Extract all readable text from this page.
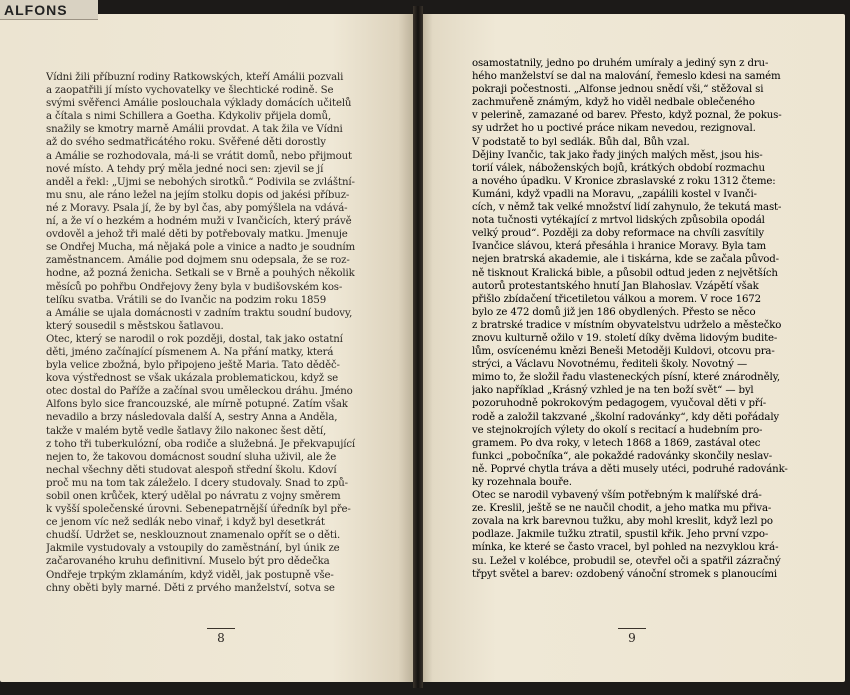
Vídni žili příbuzní rodiny Ratkowských, kteří Amálii pozvali
a zaopatřili jí místo vychovatelky ve šlechtické rodině. Se
svými svěřenci Amálie poslouchala výklady domácích učitelů
a čítala s nimi Schillera a Goetha. Kdykoliv přijela domů,
snažily se kmotry marně Amálii provdat. A tak žila ve Vídni
až do svého sedmatřicátého roku. Svěřené děti dorostly
a Amálie se rozhodovala, má-li se vrátit domů, nebo přijmout
nové místo. A tehdy prý měla jedné noci sen: zjevil se jí
anděl a řekl: „Ujmi se nebohých sirotků.“ Podivila se zvláštní-
mu snu, ale ráno ležel na jejím stolku dopis od jakési příbuz-
né z Moravy. Psala jí, že by byl čas, aby pomýšlela na vdává-
ní, a že ví o hezkém a hodném muži v Ivančicích, který právě
ovdověl a jehož tři malé děti by potřebovaly matku. Jmenuje
se Ondřej Mucha, má nějaká pole a vinice a nadto je soudním
zaměstnancem. Amálie pod dojmem snu odepsala, že se roz-
hodne, až pozná ženicha. Setkali se v Brně a pouhých několik
měsíců po pohřbu Ondřejovy ženy byla v budišovském kos-
telíku svatba. Vrátili se do Ivančic na podzim roku 1859
a Amálie se ujala domácnosti v zadním traktu soudní budovy,
který sousedil s městskou šatlavou.
Otec, který se narodil o rok později, dostal, tak jako ostatní
děti, jméno začínající písmenem A. Na přání matky, která
byla velice zbožná, bylo připojeno ještě Maria. Tato děděč-
kova výstřednost se však ukázala problematickou, když se
otec dostal do Paříže a začínal svou uměleckou dráhu. Jméno
Alfons bylo sice francouzské, ale mírně potupné. Zatím však
nevadilo a brzy následovala další A, sestry Anna a Anděla,
takže v malém bytě vedle šatlavy žilo nakonec šest dětí,
z toho tři tuberkulózní, oba rodiče a služebná. Je překvapující
nejen to, že takovou domácnost soudní sluha uživil, ale že
nechal všechny děti studovat alespoň střední školu. Kdoví
proč mu na tom tak záleželo. I dcery studovaly. Snad to způ-
sobil onen krůček, který udělal po návratu z vojny směrem
k vyšší společenské úrovni. Sebenepatrnější úředník byl pře-
ce jenom víc než sedlák nebo vinař, i když byl desetkrát
chudší. Udržet se, nesklouznout znamenalo opřít se o děti.
Jakmile vystudovaly a vstoupily do zaměstnání, byl únik ze
začarovaného kruhu definitivní. Muselo být pro dědečka
Ondřeje trpkým zklamáním, když viděl, jak postupně vše-
chny oběti byly marné. Děti z prvého manželství, sotva se
osamostatnily, jedno po druhém umíraly a jediný syn z dru-
hého manželství se dal na malování, řemeslo kdesi na samém
pokraji počestnosti. „Alfonse jednou snědí vši,“ stěžoval si
zachmuřeně známým, když ho viděl nedbale oblečeného
v pelerině, zamazané od barev. Přesto, když poznal, že pokus-
sy udržet ho u poctivé práce nikam nevedou, rezignoval.
V podstatě to byl sedlák. Bůh dal, Bůh vzal.
Dějiny Ivančic, tak jako řady jiných malých měst, jsou his-
torií válek, náboženských bojů, krátkých období rozmachu
a nového úpadku. V Kronice zbraslavské z roku 1312 čteme:
Kumáni, když vpadli na Moravu, „zapálili kostel v Ivanči-
cích, v němž tak velké množství lidí zahynulo, že tekutá mast-
nota tučnosti vytékající z mrtvol lidských způsobila opodál
velký proud“. Později za doby reformace na chvíli zasvítily
Ivančice slávou, která přesáhla i hranice Moravy. Byla tam
nejen bratrská akademie, ale i tiskárna, kde se začala původ-
ně tisknout Kralická bible, a působil odtud jeden z největších
autorů protestantského hnutí Jan Blahoslav. Vzápětí však
přišlo zbídačení třicetiletou válkou a morem. V roce 1672
bylo ze 472 domů již jen 186 obydlených. Přesto se něco
z bratrské tradice v místním obyvatelstvu udrželo a městečko
znovu kulturně ožilo v 19. století díky dvěma lidovým budite-
lům, osvícenému knězi Beneši Metoději Kuldovi, otcovu pra-
strýci, a Václavu Novotnému, řediteli školy. Novotný —
mimo to, že složil řadu vlasteneckých písní, které znárodněly,
jako například „Krásný vzhled je na ten boží svět“ — byl
pozoruhodně pokrokovým pedagogem, vyučoval děti v pří-
rodě a založil takzvané „školní radovánky“, kdy děti pořádaly
ve stejnokrojích výlety do okolí s recitací a hudebním pro-
gramem. Po dva roky, v letech 1868 a 1869, zastával otec
funkci „pobočníka“, ale pokaždé radovánky skončily neslav-
ně. Poprvé chytla tráva a děti musely utéci, podruhé radovánk-
ky rozehnala bouře.
Otec se narodil vybavený vším potřebným k malířské drá-
ze. Kreslil, ještě se ne naučil chodit, a jeho matka mu přiva-
zovala na krk barevnou tužku, aby mohl kreslit, když lezl po
podlaze. Jakmile tužku ztratil, spustil křik. Jeho první vzpo-
mínka, ke které se často vracel, byl pohled na nezvyklou krá-
su. Ležel v kolébce, probudil se, otevřel oči a spatřil zázračný
třpyt světel a barev: ozdobený vánoční stromek s planoucími
ALFONS
8	9
